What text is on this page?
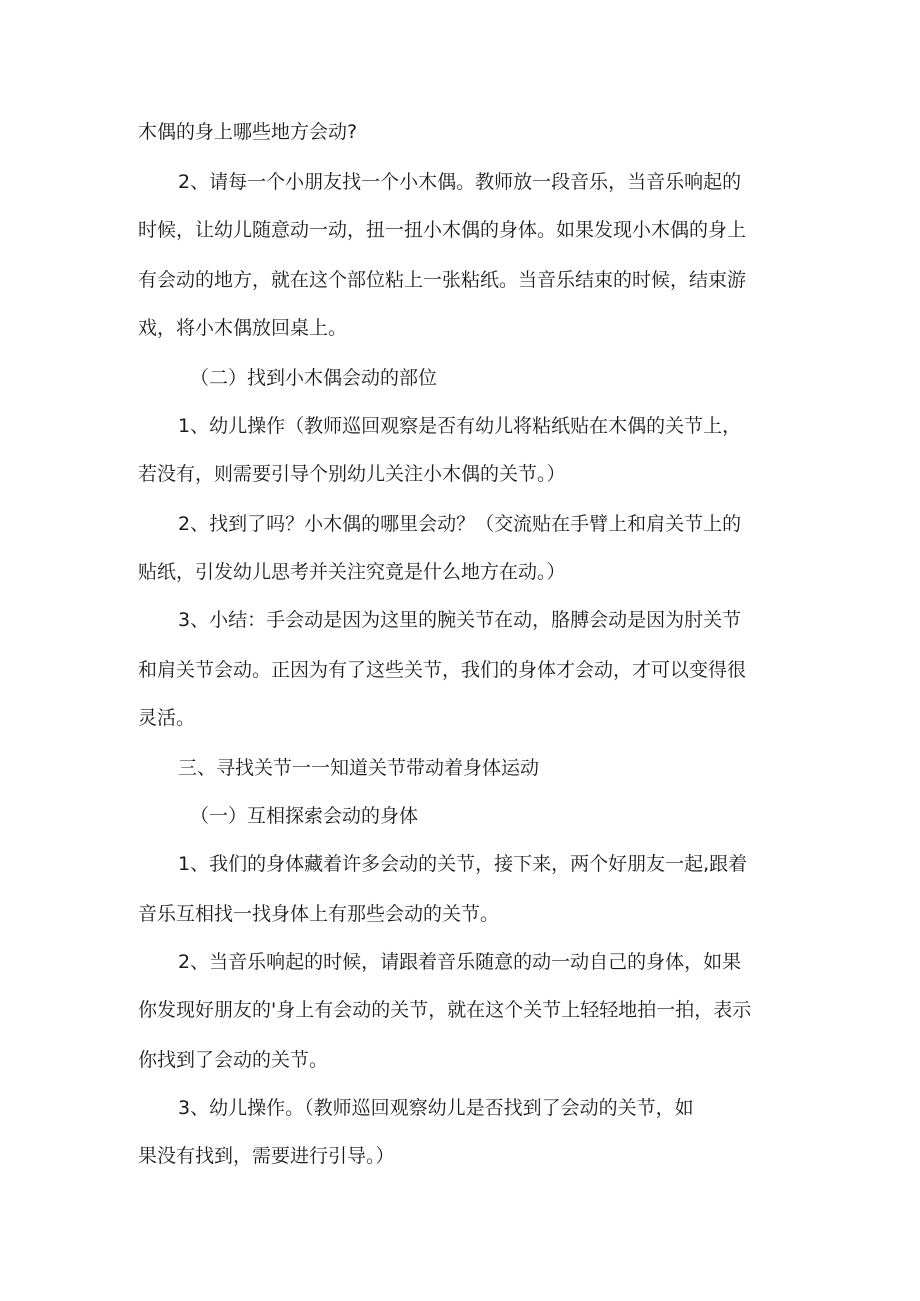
木偶的身上哪些地方会动?

2、请每一个小朋友找一个小木偶。教师放一段音乐，当音乐响起的

时候，让幼儿随意动一动，扭一扭小木偶的身体。如果发现小木偶的身上

有会动的地方，就在这个部位粘上一张粘纸。当音乐结束的时候，结束游

戏，将小木偶放回桌上。

（二）找到小木偶会动的部位

1、幼儿操作（教师巡回观察是否有幼儿将粘纸贴在木偶的关节上，

若没有，则需要引导个别幼儿关注小木偶的关节。）

2、找到了吗？小木偶的哪里会动？（交流贴在手臂上和肩关节上的

贴纸，引发幼儿思考并关注究竟是什么地方在动。）

3、小结：手会动是因为这里的腕关节在动，胳膊会动是因为肘关节

和肩关节会动。正因为有了这些关节，我们的身体才会动，才可以变得很

灵活。

三、寻找关节一一知道关节带动着身体运动

（一）互相探索会动的身体

1、我们的身体藏着许多会动的关节，接下来，两个好朋友一起,跟着

音乐互相找一找身体上有那些会动的关节。

2、当音乐响起的时候，请跟着音乐随意的动一动自己的身体，如果

你发现好朋友的'身上有会动的关节，就在这个关节上轻轻地拍一拍，表示

你找到了会动的关节。

3、幼儿操作。（教师巡回观察幼儿是否找到了会动的关节，如

果没有找到，需要进行引导。）
